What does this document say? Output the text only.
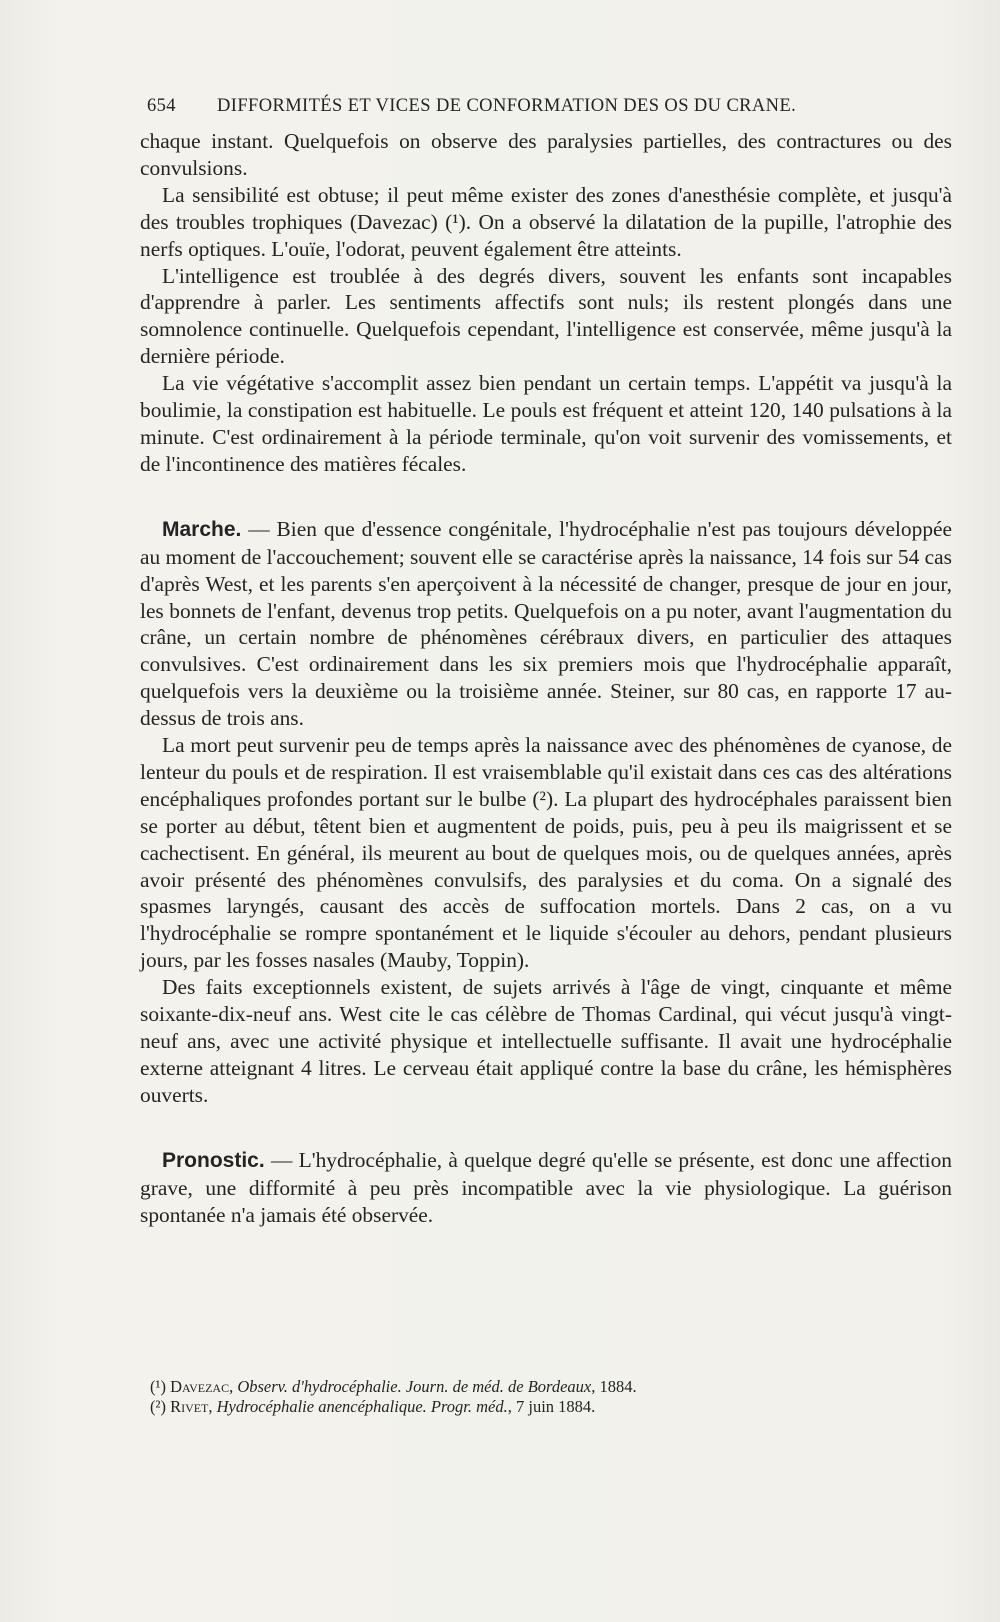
654 DIFFORMITÉS ET VICES DE CONFORMATION DES OS DU CRANE.

chaque instant. Quelquefois on observe des paralysies partielles, des contractures ou des convulsions.

La sensibilité est obtuse; il peut même exister des zones d'anesthésie complète, et jusqu'à des troubles trophiques (Davezac) (¹). On a observé la dilatation de la pupille, l'atrophie des nerfs optiques. L'ouïe, l'odorat, peuvent également être atteints.

L'intelligence est troublée à des degrés divers, souvent les enfants sont incapables d'apprendre à parler. Les sentiments affectifs sont nuls; ils restent plongés dans une somnolence continuelle. Quelquefois cependant, l'intelligence est conservée, même jusqu'à la dernière période.

La vie végétative s'accomplit assez bien pendant un certain temps. L'appétit va jusqu'à la boulimie, la constipation est habituelle. Le pouls est fréquent et atteint 120, 140 pulsations à la minute. C'est ordinairement à la période terminale, qu'on voit survenir des vomissements, et de l'incontinence des matières fécales.

Marche. — Bien que d'essence congénitale, l'hydrocéphalie n'est pas toujours développée au moment de l'accouchement; souvent elle se caractérise après la naissance, 14 fois sur 54 cas d'après West, et les parents s'en aperçoivent à la nécessité de changer, presque de jour en jour, les bonnets de l'enfant, devenus trop petits. Quelquefois on a pu noter, avant l'augmentation du crâne, un certain nombre de phénomènes cérébraux divers, en particulier des attaques convulsives. C'est ordinairement dans les six premiers mois que l'hydrocéphalie apparaît, quelquefois vers la deuxième ou la troisième année. Steiner, sur 80 cas, en rapporte 17 au-dessus de trois ans.

La mort peut survenir peu de temps après la naissance avec des phénomènes de cyanose, de lenteur du pouls et de respiration. Il est vraisemblable qu'il existait dans ces cas des altérations encéphaliques profondes portant sur le bulbe (²). La plupart des hydrocéphales paraissent bien se porter au début, têtent bien et augmentent de poids, puis, peu à peu ils maigrissent et se cachectisent. En général, ils meurent au bout de quelques mois, ou de quelques années, après avoir présenté des phénomènes convulsifs, des paralysies et du coma. On a signalé des spasmes laryngés, causant des accès de suffocation mortels. Dans 2 cas, on a vu l'hydrocéphalie se rompre spontanément et le liquide s'écouler au dehors, pendant plusieurs jours, par les fosses nasales (Mauby, Toppin).

Des faits exceptionnels existent, de sujets arrivés à l'âge de vingt, cinquante et même soixante-dix-neuf ans. West cite le cas célèbre de Thomas Cardinal, qui vécut jusqu'à vingt-neuf ans, avec une activité physique et intellectuelle suffisante. Il avait une hydrocéphalie externe atteignant 4 litres. Le cerveau était appliqué contre la base du crâne, les hémisphères ouverts.

Pronostic. — L'hydrocéphalie, à quelque degré qu'elle se présente, est donc une affection grave, une difformité à peu près incompatible avec la vie physiologique. La guérison spontanée n'a jamais été observée.

(¹) Davezac, Observ. d'hydrocéphalie. Journ. de méd. de Bordeaux, 1884.

(²) Rivet, Hydrocéphalie anencéphalique. Progr. méd., 7 juin 1884.
